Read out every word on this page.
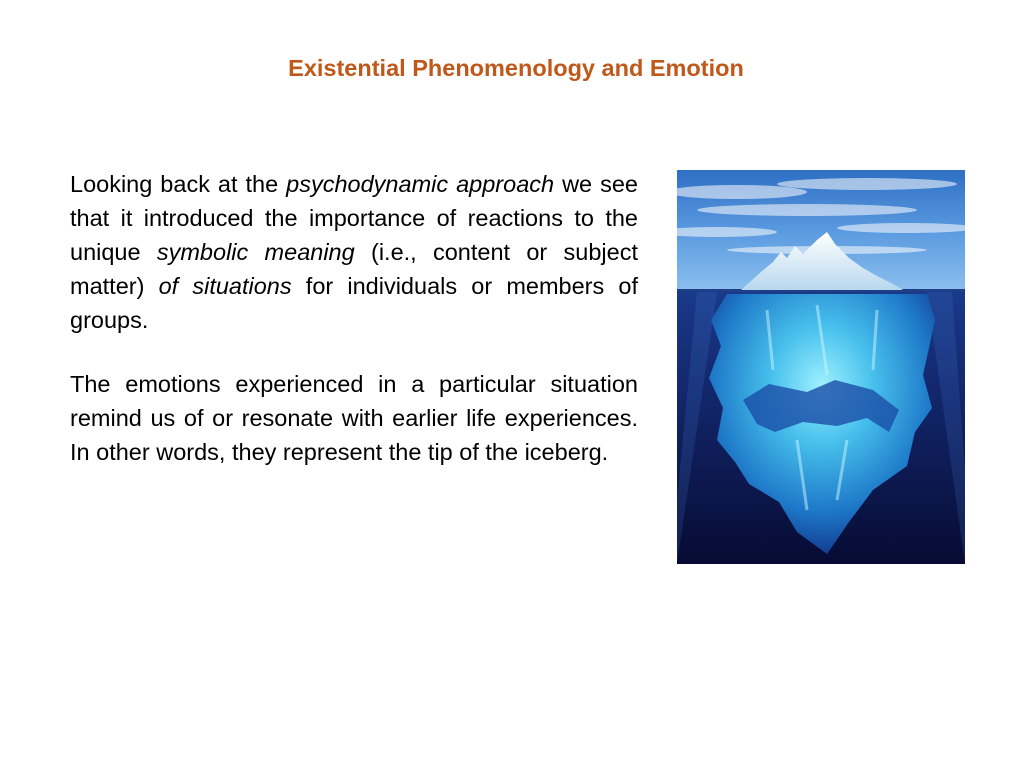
Existential Phenomenology and Emotion

Looking back at the psychodynamic approach we see that it introduced the importance of reactions to the unique symbolic meaning (i.e., content or subject matter) of situations for individuals or members of groups.

The emotions experienced in a particular situation remind us of or resonate with earlier life experiences. In other words, they represent the tip of the iceberg.
